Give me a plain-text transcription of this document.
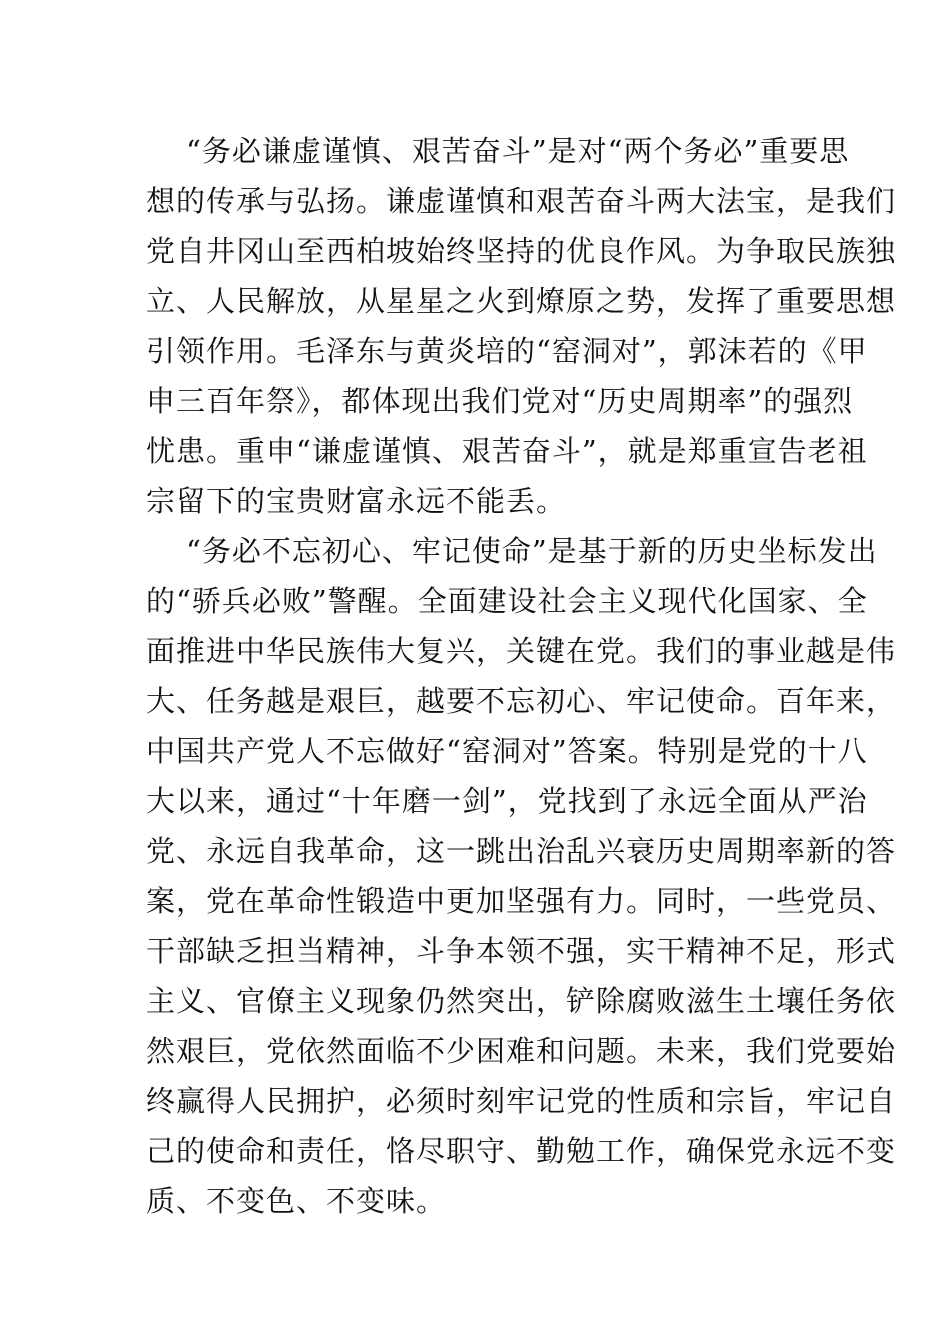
“务必谦虚谨慎、艰苦奋斗”是对“两个务必”重要思
想的传承与弘扬。谦虚谨慎和艰苦奋斗两大法宝，是我们
党自井冈山至西柏坡始终坚持的优良作风。为争取民族独
立、人民解放，从星星之火到燎原之势，发挥了重要思想
引领作用。毛泽东与黄炎培的“窑洞对”，郭沫若的《甲
申三百年祭》，都体现出我们党对“历史周期率”的强烈
忧患。重申“谦虚谨慎、艰苦奋斗”，就是郑重宣告老祖
宗留下的宝贵财富永远不能丢。
“务必不忘初心、牢记使命”是基于新的历史坐标发出
的“骄兵必败”警醒。全面建设社会主义现代化国家、全
面推进中华民族伟大复兴，关键在党。我们的事业越是伟
大、任务越是艰巨，越要不忘初心、牢记使命。百年来，
中国共产党人不忘做好“窑洞对”答案。特别是党的十八
大以来，通过“十年磨一剑”，党找到了永远全面从严治
党、永远自我革命，这一跳出治乱兴衰历史周期率新的答
案，党在革命性锻造中更加坚强有力。同时，一些党员、
干部缺乏担当精神，斗争本领不强，实干精神不足，形式
主义、官僚主义现象仍然突出，铲除腐败滋生土壤任务依
然艰巨，党依然面临不少困难和问题。未来，我们党要始
终赢得人民拥护，必须时刻牢记党的性质和宗旨，牢记自
己的使命和责任，恪尽职守、勤勉工作，确保党永远不变
质、不变色、不变味。
